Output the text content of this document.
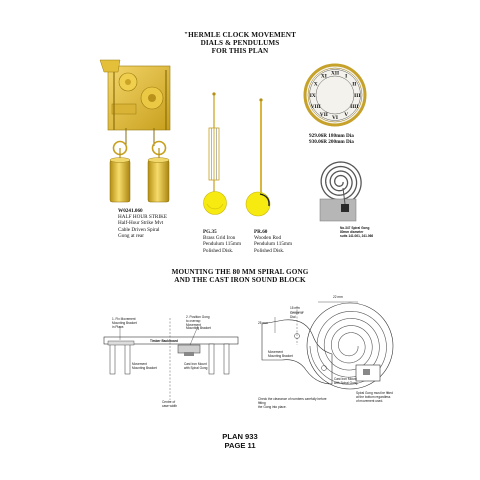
"HERMLE CLOCK MOVEMENT
DIALS & PENDULUMS
FOR THIS PLAN
W0241.060
HALF HOUR STRIKE
Half-Hour Strike Mvt
Cable Driven Spiral
Gong at rear
PG.35
Brass Grid Iron
Pendulum 115mm
Polished Disk.
PR.60
Wooden Rod
Pendulum 115mm
Polished Disk.
XII I
II
III
IIII
V
VI
VII
VIII
IX
X
XI
929.06R 180mm Dia
930.06R 200mm Dia
No.347 Spiral Gong
80mm diameter
suits 141.061, 241.066
MOUNTING THE 80 MM SPIRAL GONG
AND THE CAST IRON SOUND BLOCK
1. Fix Movement
Mounting Bracket
in Place.
2. Position Gong
to overrap
Movement
Mounting Bracket
Timber Backboard
Movement
Mounting Bracket
Cast Iron Mount
with Spiral Gong
Centre of
case width
22 mm
15 mm
25 mm
Centre of
Dial
Movement
Mounting Bracket
Cast Iron Mount
with Spiral Gong
Check the clearance of numbers carefully before fitting
the Gong into place.
Spiral Gong must be fitted
at the bottom regardless
of movement used.
PLAN 933
PAGE 11
